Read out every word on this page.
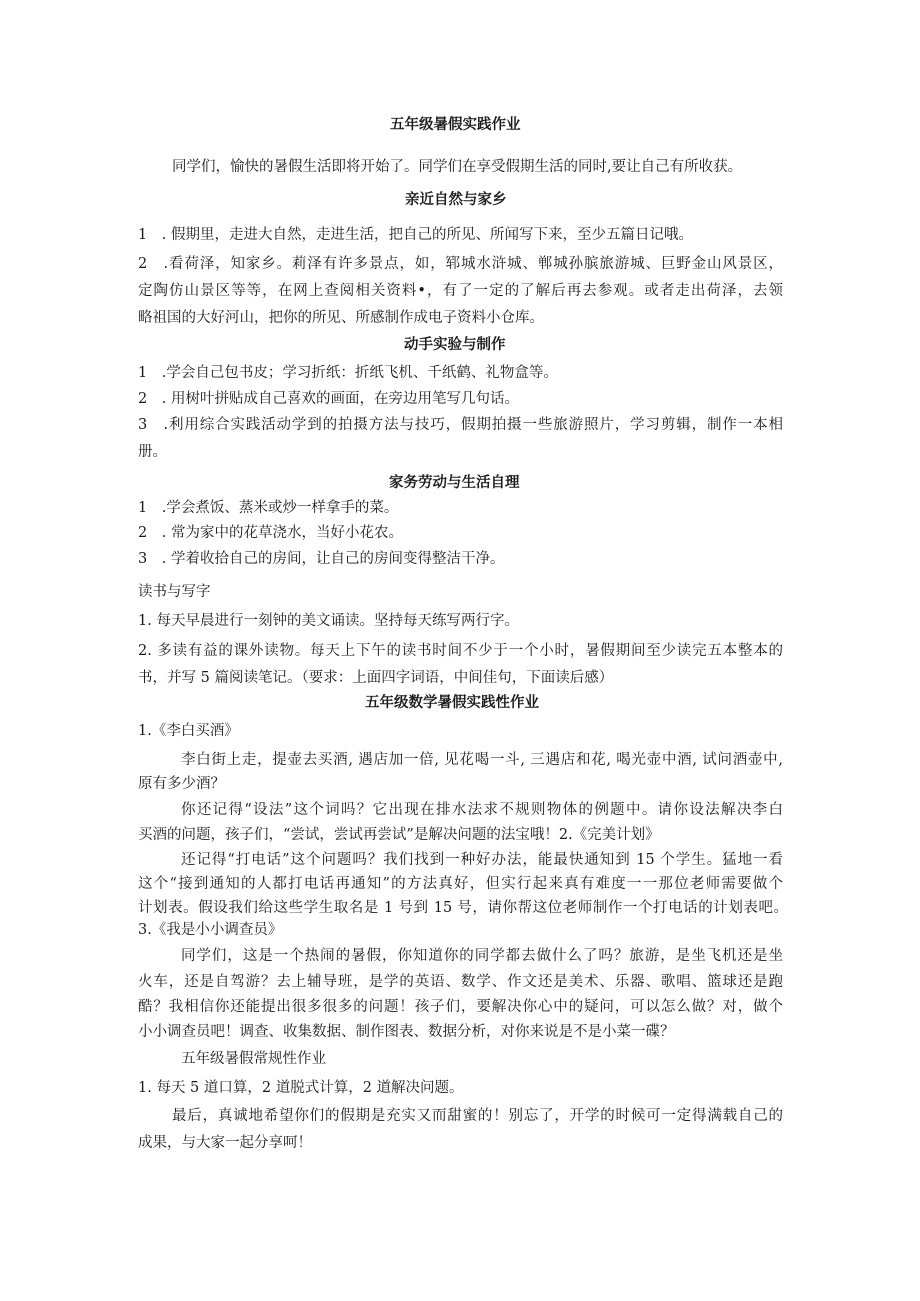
五年级暑假实践作业

同学们，愉快的暑假生活即将开始了。同学们在享受假期生活的同时,要让自己有所收获。

亲近自然与家乡

1　. 假期里，走进大自然，走进生活，把自己的所见、所闻写下来，至少五篇日记哦。

2　.看荷泽，知家乡。莉泽有许多景点，如，郓城水浒城、郸城孙膑旅游城、巨野金山风景区，

定陶仿山景区等等，在网上查阅相关资料•，有了一定的了解后再去参观。或者走出荷泽，去领

略祖国的大好河山，把你的所见、所感制作成电子资料小仓库。

动手实验与制作

1　.学会自己包书皮；学习折纸：折纸飞机、千纸鹤、礼物盒等。

2　. 用树叶拼贴成自己喜欢的画面，在旁边用笔写几句话。

3　.利用综合实践活动学到的拍摄方法与技巧，假期拍摄一些旅游照片，学习剪辑，制作一本相

册。

家务劳动与生活自理

1　.学会煮饭、蒸米或炒一样拿手的菜。

2　. 常为家中的花草浇水，当好小花农。

3　. 学着收拾自己的房间，让自己的房间变得整洁干净。

读书与写字

1. 每天早晨进行一刻钟的美文诵读。坚持每天练写两行字。

2. 多读有益的课外读物。每天上下午的读书时间不少于一个小时，暑假期间至少读完五本整本的

书，并写 5 篇阅读笔记。（要求：上面四字词语，中间佳句，下面读后感）

五年级数学暑假实践性作业

1.《李白买酒》

李白街上走，提壶去买酒, 遇店加一倍, 见花喝一斗, 三遇店和花, 喝光壶中酒, 试问酒壶中,

原有多少酒？

你还记得“设法”这个词吗？它出现在排水法求不规则物体的例题中。请你设法解决李白

买酒的问题，孩子们，“尝试，尝试再尝试”是解决问题的法宝哦！2.《完美计划》

还记得“打电话”这个问题吗？我们找到一种好办法，能最快通知到 15 个学生。猛地一看

这个“接到通知的人都打电话再通知”的方法真好，但实行起来真有难度一一那位老师需要做个

计划表。假设我们给这些学生取名是 1 号到 15 号，请你帮这位老师制作一个打电话的计划表吧。

3.《我是小小调查员》

同学们，这是一个热闹的暑假，你知道你的同学都去做什么了吗？旅游，是坐飞机还是坐

火车，还是自驾游？去上辅导班，是学的英语、数学、作文还是美术、乐器、歌唱、篮球还是跑

酷？我相信你还能提出很多很多的问题！孩子们，要解决你心中的疑问，可以怎么做？对，做个

小小调查员吧！调查、收集数据、制作图表、数据分析，对你来说是不是小菜一碟？

五年级暑假常规性作业

1. 每天 5 道口算，2 道脱式计算，2 道解决问题。

最后，真诚地希望你们的假期是充实又而甜蜜的！别忘了，开学的时候可一定得满载自己的

成果，与大家一起分享呵！
